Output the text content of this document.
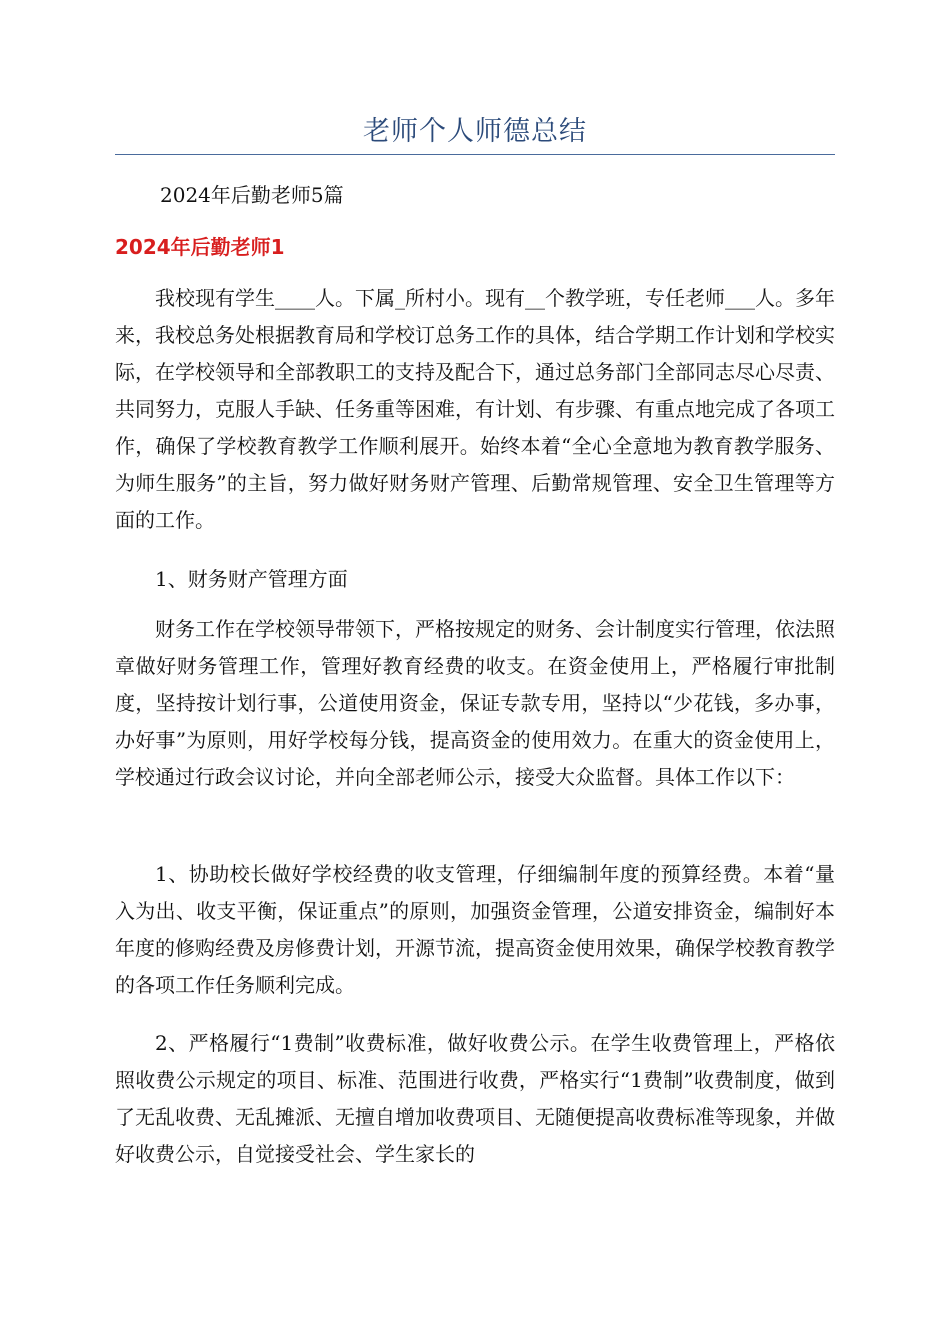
老师个人师德总结
2024年后勤老师5篇
2024年后勤老师1

我校现有学生____人。下属_所村小。现有__个教学班，专任老师___人。多年来，我校总务处根据教育局和学校订总务工作的具体，结合学期工作计划和学校实际，在学校领导和全部教职工的支持及配合下，通过总务部门全部同志尽心尽责、共同努力，克服人手缺、任务重等困难，有计划、有步骤、有重点地完成了各项工作，确保了学校教育教学工作顺利展开。始终本着“全心全意地为教育教学服务、为师生服务”的主旨，努力做好财务财产管理、后勤常规管理、安全卫生管理等方面的工作。

1、财务财产管理方面

财务工作在学校领导带领下，严格按规定的财务、会计制度实行管理，依法照章做好财务管理工作，管理好教育经费的收支。在资金使用上，严格履行审批制度，坚持按计划行事，公道使用资金，保证专款专用，坚持以“少花钱，多办事，办好事”为原则，用好学校每分钱，提高资金的使用效力。在重大的资金使用上，学校通过行政会议讨论，并向全部老师公示，接受大众监督。具体工作以下：

1、协助校长做好学校经费的收支管理，仔细编制年度的预算经费。本着“量入为出、收支平衡，保证重点”的原则，加强资金管理，公道安排资金，编制好本年度的修购经费及房修费计划，开源节流，提高资金使用效果，确保学校教育教学的各项工作任务顺利完成。

2、严格履行“1费制”收费标准，做好收费公示。在学生收费管理上，严格依照收费公示规定的项目、标准、范围进行收费，严格实行“1费制”收费制度，做到了无乱收费、无乱摊派、无擅自增加收费项目、无随便提高收费标准等现象，并做好收费公示，自觉接受社会、学生家长的
